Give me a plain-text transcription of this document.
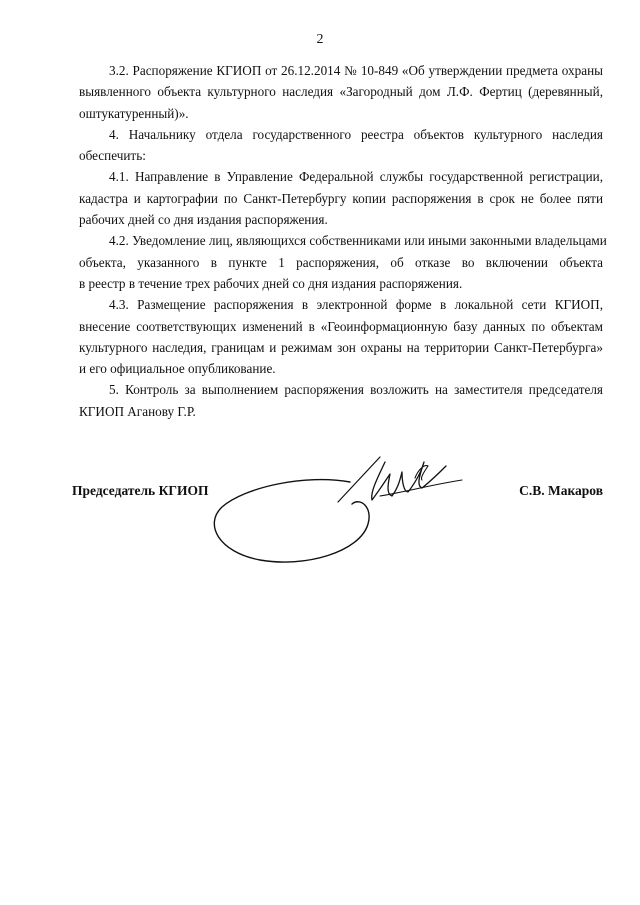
2
3.2. Распоряжение КГИОП от 26.12.2014 № 10-849 «Об утверждении предмета охраны
выявленного объекта культурного наследия «Загородный дом Л.Ф. Фертиц (деревянный,
оштукатуренный)».
4. Начальнику отдела государственного реестра объектов культурного наследия
обеспечить:
4.1. Направление в Управление Федеральной службы государственной регистрации,
кадастра и картографии по Санкт-Петербургу копии распоряжения в срок не более пяти
рабочих дней со дня издания распоряжения.
4.2. Уведомление лиц, являющихся собственниками или иными законными владельцами
объекта, указанного в пункте 1 распоряжения, об отказе во включении объекта
в реестр в течение трех рабочих дней со дня издания распоряжения.
4.3. Размещение распоряжения в электронной форме в локальной сети КГИОП,
внесение соответствующих изменений в «Геоинформационную базу данных по объектам
культурного наследия, границам и режимам зон охраны на территории Санкт-Петербурга»
и его официальное опубликование.
5. Контроль за выполнением распоряжения возложить на заместителя председателя
КГИОП Аганову Г.Р.
Председатель КГИОП	С.В. Макаров
